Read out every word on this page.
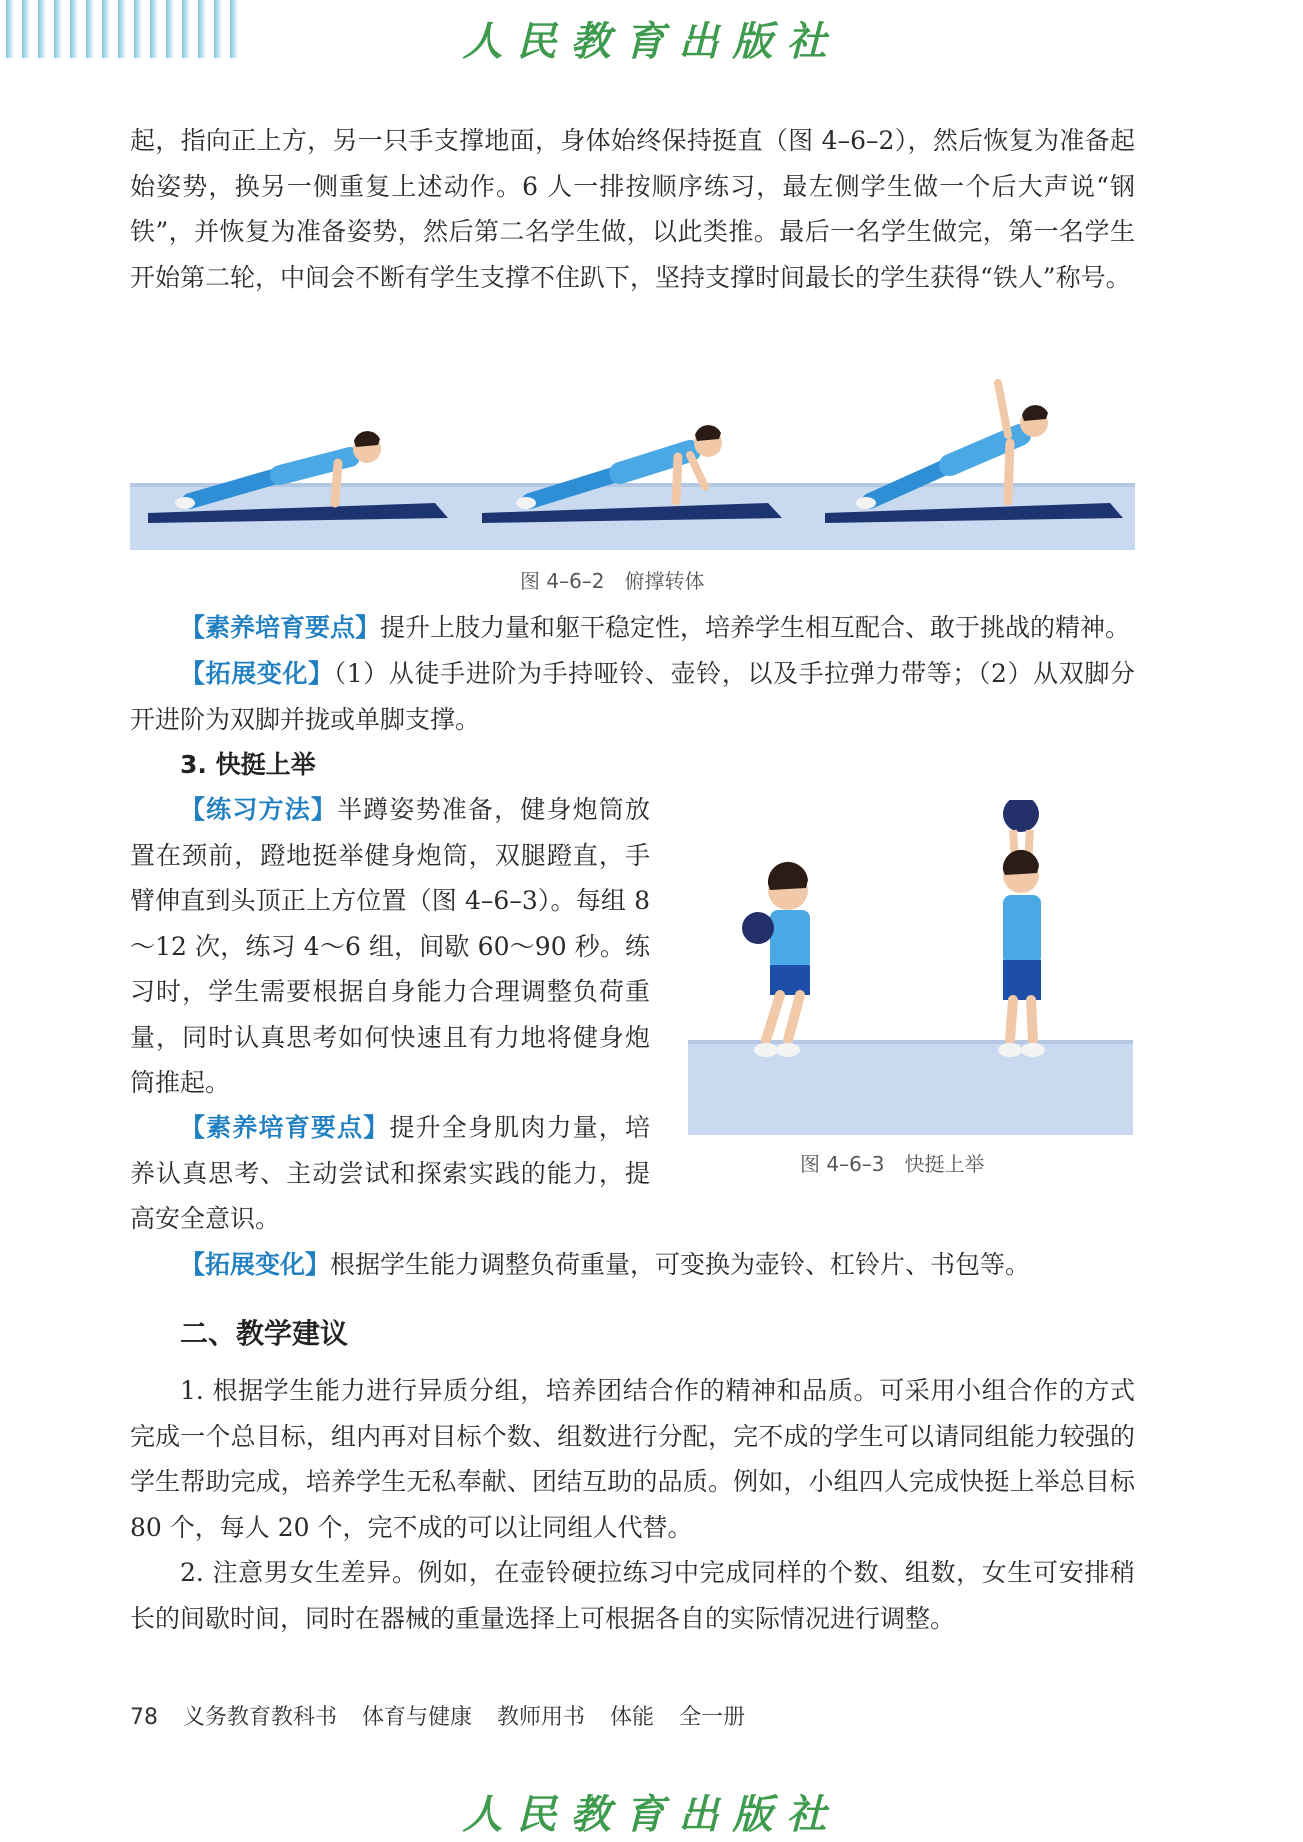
人民教育出版社

起，指向正上方，另一只手支撑地面，身体始终保持挺直（图 4–6–2），然后恢复为准备起始姿势，换另一侧重复上述动作。6 人一排按顺序练习，最左侧学生做一个后大声说“钢铁”，并恢复为准备姿势，然后第二名学生做，以此类推。最后一名学生做完，第一名学生开始第二轮，中间会不断有学生支撑不住趴下，坚持支撑时间最长的学生获得“铁人”称号。

图 4–6–2　俯撑转体

【素养培育要点】提升上肢力量和躯干稳定性，培养学生相互配合、敢于挑战的精神。

【拓展变化】（1）从徒手进阶为手持哑铃、壶铃，以及手拉弹力带等；（2）从双脚分开进阶为双脚并拢或单脚支撑。

3. 快挺上举

【练习方法】半蹲姿势准备，健身炮筒放置在颈前，蹬地挺举健身炮筒，双腿蹬直，手臂伸直到头顶正上方位置（图 4–6–3）。每组 8～12 次，练习 4～6 组，间歇 60～90 秒。练习时，学生需要根据自身能力合理调整负荷重量，同时认真思考如何快速且有力地将健身炮筒推起。

【素养培育要点】提升全身肌肉力量，培养认真思考、主动尝试和探索实践的能力，提高安全意识。

【拓展变化】根据学生能力调整负荷重量，可变换为壶铃、杠铃片、书包等。

图 4–6–3　快挺上举
二、教学建议

1. 根据学生能力进行异质分组，培养团结合作的精神和品质。可采用小组合作的方式完成一个总目标，组内再对目标个数、组数进行分配，完不成的学生可以请同组能力较强的学生帮助完成，培养学生无私奉献、团结互助的品质。例如，小组四人完成快挺上举总目标 80 个，每人 20 个，完不成的可以让同组人代替。

2. 注意男女生差异。例如，在壶铃硬拉练习中完成同样的个数、组数，女生可安排稍长的间歇时间，同时在器械的重量选择上可根据各自的实际情况进行调整。

78 义务教育教科书 体育与健康 教师用书 体能 全一册
人民教育出版社
